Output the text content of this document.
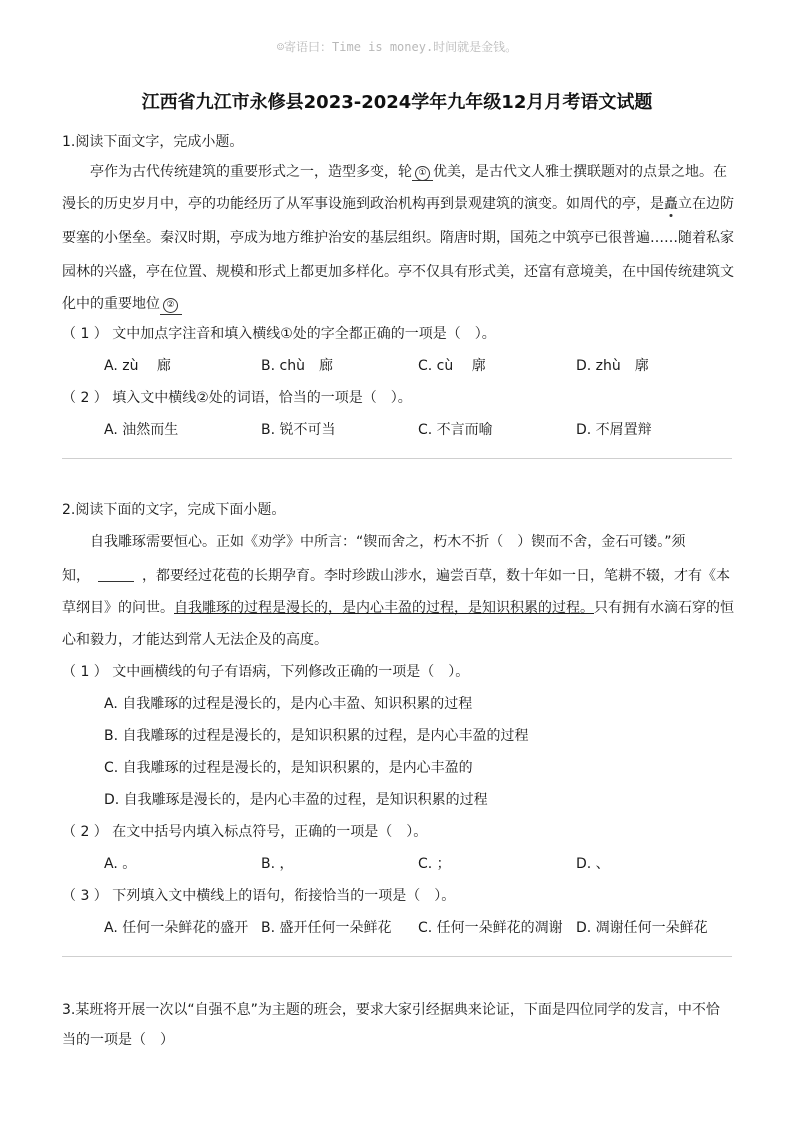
☺寄语曰：Time is money.时间就是金钱。
江西省九江市永修县2023-2024学年九年级12月月考语文试题
1.阅读下面文字，完成小题。
亭作为古代传统建筑的重要形式之一，造型多变，轮 ① 优美，是古代文人雅士撰联题对的点景之地。在
漫长的历史岁月中，亭的功能经历了从军事设施到政治机构再到景观建筑的演变。如周代的亭，是矗立在边防
要塞的小堡垒。秦汉时期，亭成为地方维护治安的基层组织。隋唐时期，国苑之中筑亭已很普遍……随着私家
园林的兴盛，亭在位置、规模和形式上都更加多样化。亭不仅具有形式美，还富有意境美，在中国传统建筑文
化中的重要地位 ②
（ 1 ） 文中加点字注音和填入横线①处的字全都正确的一项是（　）。
A. zù　 廊	B. chù　廊	C. cù　 廓	D. zhù　廓
（ 2 ） 填入文中横线②处的词语，恰当的一项是（　）。
A. 油然而生	B. 锐不可当	C. 不言而喻	D. 不屑置辩
2.阅读下面的文字，完成下面小题。
自我雕琢需要恒心。正如《劝学》中所言：“锲而舍之，朽木不折（　）锲而不舍，金石可镂。”须
知，	，都要经过花苞的长期孕育。李时珍跋山涉水，遍尝百草，数十年如一日，笔耕不辍，才有《本
草纲目》的问世。自我雕琢的过程是漫长的，是内心丰盈的过程，是知识积累的过程。只有拥有水滴石穿的恒
心和毅力，才能达到常人无法企及的高度。
（ 1 ） 文中画横线的句子有语病，下列修改正确的一项是（　）。
A. 自我雕琢的过程是漫长的，是内心丰盈、知识积累的过程
B. 自我雕琢的过程是漫长的，是知识积累的过程，是内心丰盈的过程
C. 自我雕琢的过程是漫长的，是知识积累的，是内心丰盈的
D. 自我雕琢是漫长的，是内心丰盈的过程，是知识积累的过程
（ 2 ） 在文中括号内填入标点符号，正确的一项是（　）。
A. 。	B. ，	C. ；	D. 、
（ 3 ） 下列填入文中横线上的语句，衔接恰当的一项是（　）。
A. 任何一朵鲜花的盛开 B. 盛开任何一朵鲜花 C. 任何一朵鲜花的凋谢 D. 凋谢任何一朵鲜花
3.某班将开展一次以“自强不息”为主题的班会，要求大家引经据典来论证，下面是四位同学的发言，中不恰
当的一项是（　）
